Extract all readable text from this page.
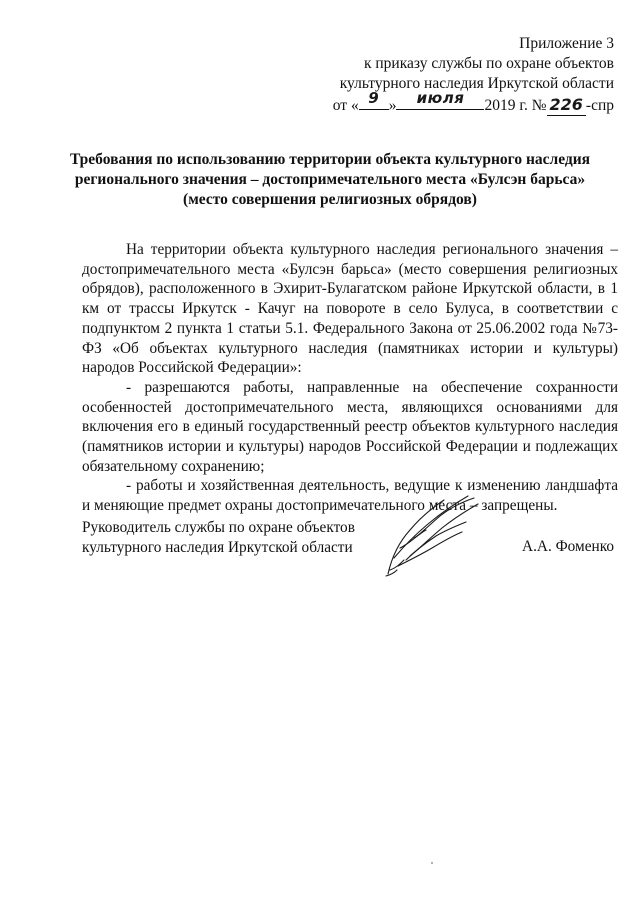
Приложение 3
к приказу службы по охране объектов
культурного наследия Иркутской области
от « 9 »	июля	2019 г. № 226 -спр
Требования по использованию территории объекта культурного наследия
регионального значения – достопримечательного места «Булсэн барьса»
(место совершения религиозных обрядов)

На территории объекта культурного наследия регионального значения – достопримечательного места «Булсэн барьса» (место совершения религиозных обрядов), расположенного в Эхирит-Булагатском районе Иркутской области, в 1 км от трассы Иркутск - Качуг на повороте в село Булуса, в соответствии с подпунктом 2 пункта 1 статьи 5.1. Федерального Закона от 25.06.2002 года №73-ФЗ «Об объектах культурного наследия (памятниках истории и культуры) народов Российской Федерации»:

- разрешаются работы, направленные на обеспечение сохранности особенностей достопримечательного места, являющихся основаниями для включения его в единый государственный реестр объектов культурного наследия (памятников истории и культуры) народов Российской Федерации и подлежащих обязательному сохранению;

- работы и хозяйственная деятельность, ведущие к изменению ландшафта и меняющие предмет охраны достопримечательного места – запрещены.

Руководитель службы по охране объектов
культурного наследия Иркутской области	А.А. Фоменко
